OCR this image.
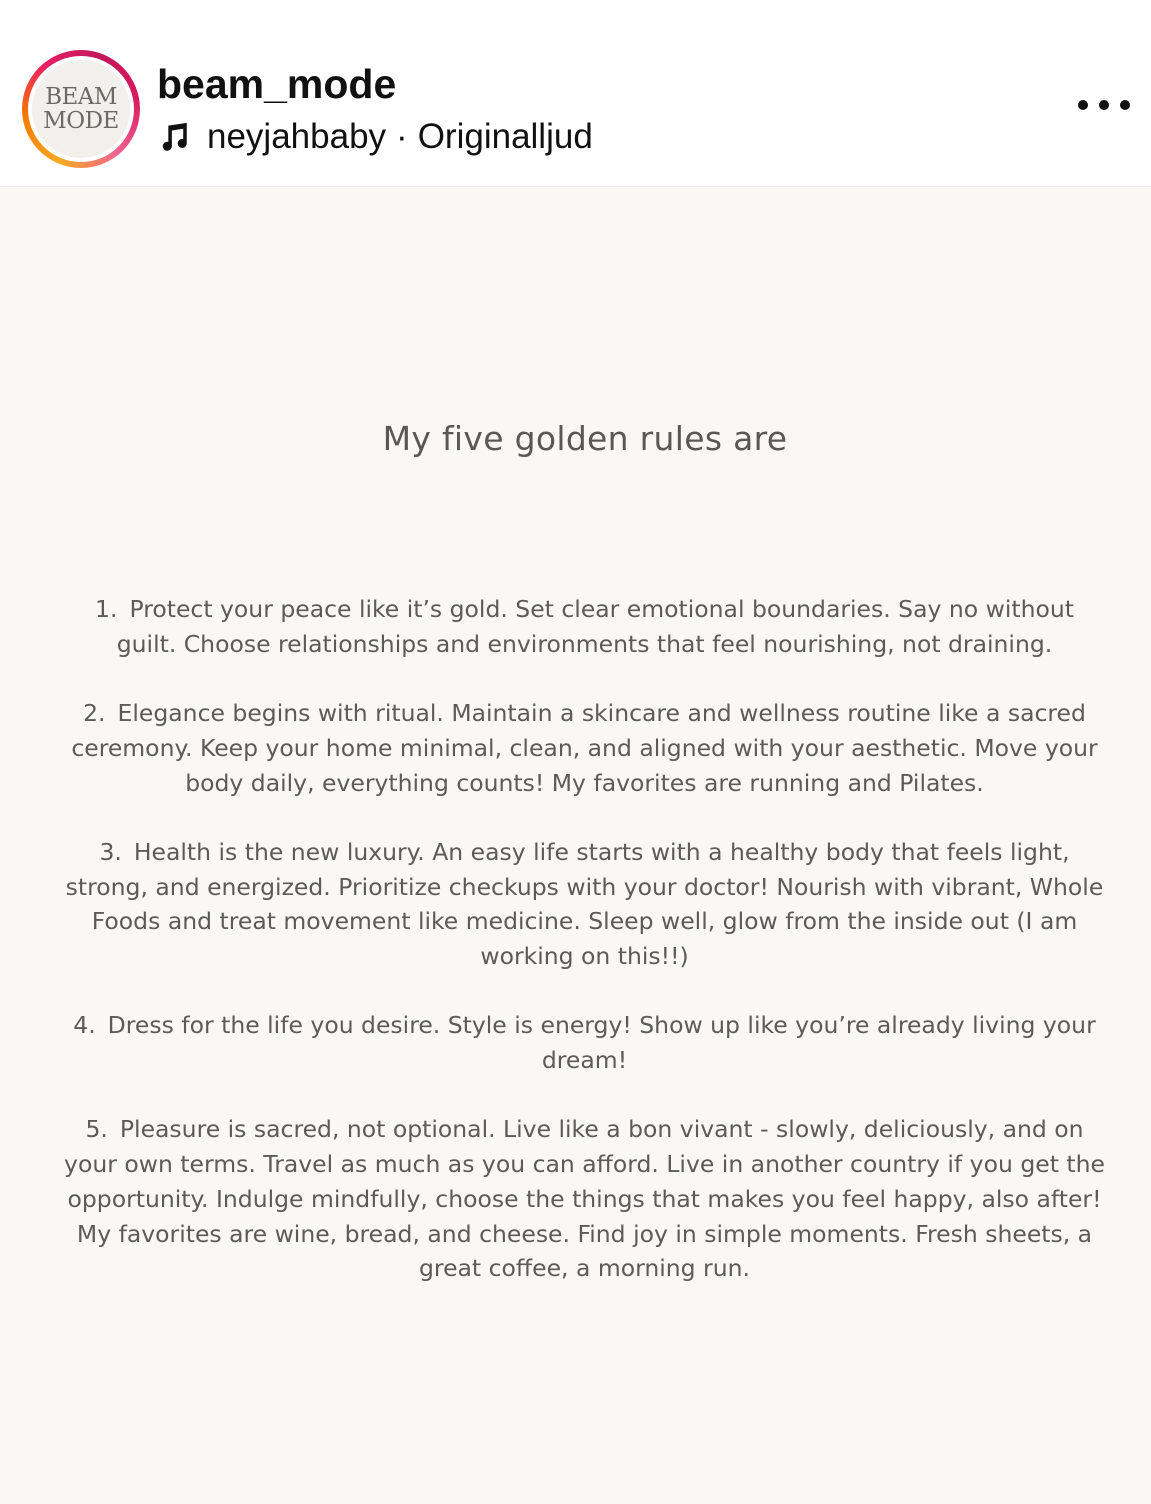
BEAM
MODE
beam_mode
neyjahbaby · Originalljud
My five golden rules are
1. Protect your peace like it’s gold. Set clear emotional boundaries. Say no without guilt. Choose relationships and environments that feel nourishing, not draining.
2. Elegance begins with ritual. Maintain a skincare and wellness routine like a sacred ceremony. Keep your home minimal, clean, and aligned with your aesthetic. Move your body daily, everything counts! My favorites are running and Pilates.
3. Health is the new luxury. An easy life starts with a healthy body that feels light, strong, and energized. Prioritize checkups with your doctor! Nourish with vibrant, Whole Foods and treat movement like medicine. Sleep well, glow from the inside out (I am working on this!!)
4. Dress for the life you desire. Style is energy! Show up like you’re already living your dream!
5. Pleasure is sacred, not optional. Live like a bon vivant - slowly, deliciously, and on your own terms. Travel as much as you can afford. Live in another country if you get the opportunity. Indulge mindfully, choose the things that makes you feel happy, also after! My favorites are wine, bread, and cheese. Find joy in simple moments. Fresh sheets, a great coffee, a morning run.
